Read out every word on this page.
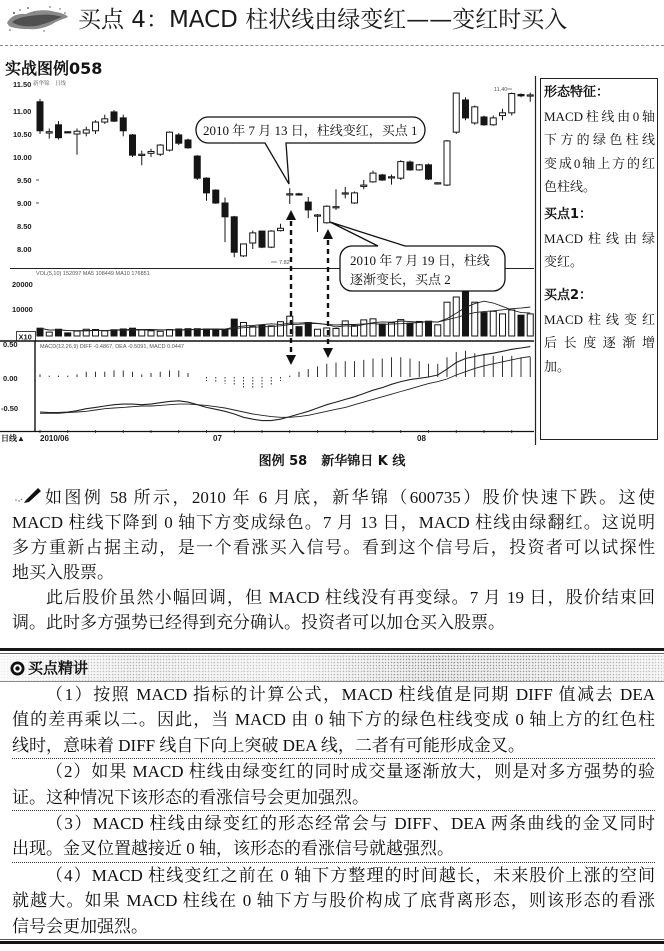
买点 4：MACD 柱状线由绿变红——变红时买入
实战图例058
11.50
11.00
10.50
10.00
9.50
9.00
8.50
8.00
新华锦 日线
11.40
7.82
VOL(5,10) 152097 MA5 108449 MA10 176851
20000
10000
X10
MACD(12,26,9) DIFF -0.4867, DEA -0.5091, MACD 0.0447
0.50
0.00
-0.50
日线▲ 2010/06	07	08
2010 年 7 月 13 日，柱线变红，买点 1
2010 年 7 月 19 日，柱线
逐渐变长，买点 2
形态特征：
MACD柱线由0轴
下方的绿色柱线
变成0轴上方的红
色柱线。
买点1：
MACD柱线由绿
变红。
买点2：
MACD柱线变红
后长度逐渐增
加。
图例 58 新华锦日 K 线
如图例 58 所示，2010 年 6 月底，新华锦（600735）股价快速下跌。这使
MACD 柱线下降到 0 轴下方变成绿色。7 月 13 日，MACD 柱线由绿翻红。这说明
多方重新占据主动，是一个看涨买入信号。看到这个信号后，投资者可以试探性
地买入股票。
此后股价虽然小幅回调，但 MACD 柱线没有再变绿。7 月 19 日，股价结束回
调。此时多方强势已经得到充分确认。投资者可以加仓买入股票。
买点精讲
（1）按照 MACD 指标的计算公式，MACD 柱线值是同期 DIFF 值减去 DEA
值的差再乘以二。因此，当 MACD 由 0 轴下方的绿色柱线变成 0 轴上方的红色柱
线时，意味着 DIFF 线自下向上突破 DEA 线，二者有可能形成金叉。
（2）如果 MACD 柱线由绿变红的同时成交量逐渐放大，则是对多方强势的验
证。这种情况下该形态的看涨信号会更加强烈。
（3）MACD 柱线由绿变红的形态经常会与 DIFF、DEA 两条曲线的金叉同时
出现。金叉位置越接近 0 轴，该形态的看涨信号就越强烈。
（4）MACD 柱线变红之前在 0 轴下方整理的时间越长，未来股价上涨的空间
就越大。如果 MACD 柱线在 0 轴下方与股价构成了底背离形态，则该形态的看涨
信号会更加强烈。
